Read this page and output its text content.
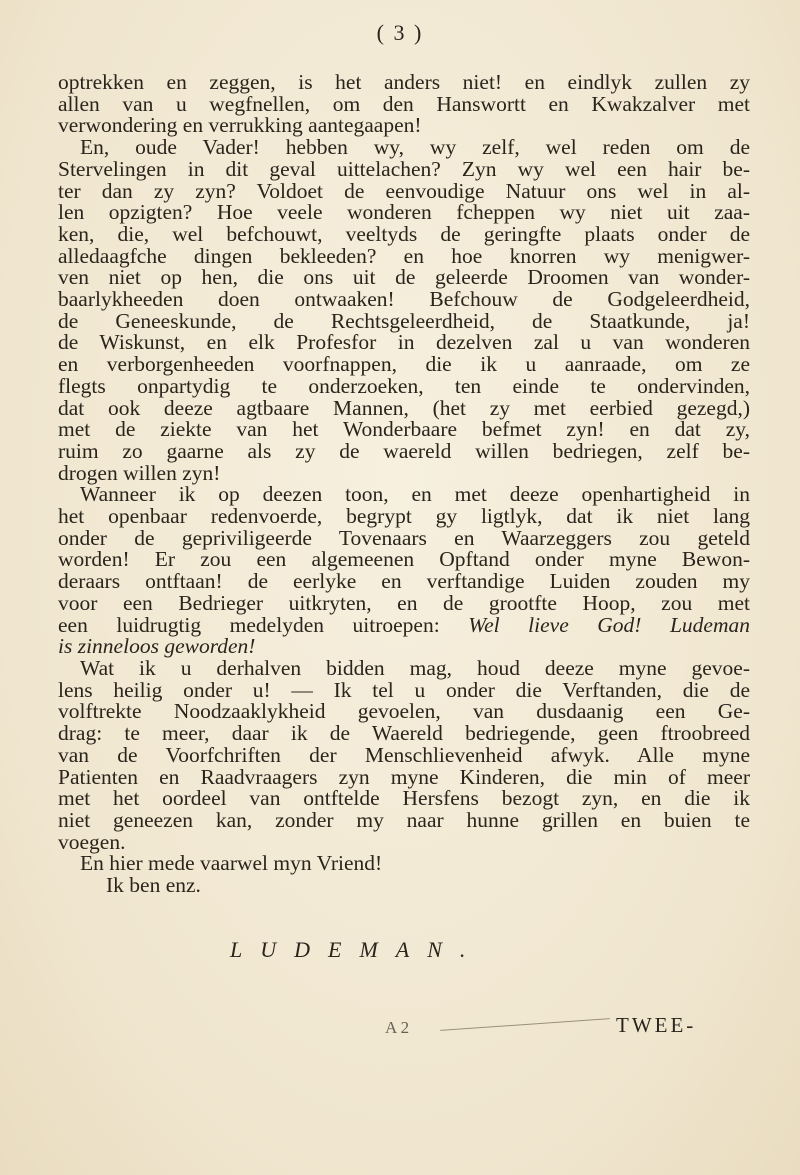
( 3 )
optrekken en zeggen, is het anders niet! en eindlyk zullen zy
allen van u wegfnellen, om den Hanswortt en Kwakzalver met
verwondering en verrukking aantegaapen!
En, oude Vader! hebben wy, wy zelf, wel reden om de
Stervelingen in dit geval uittelachen? Zyn wy wel een hair be-
ter dan zy zyn? Voldoet de eenvoudige Natuur ons wel in al-
len opzigten? Hoe veele wonderen fcheppen wy niet uit zaa-
ken, die, wel befchouwt, veeltyds de geringfte plaats onder de
alledaagfche dingen bekleeden? en hoe knorren wy menigwer-
ven niet op hen, die ons uit de geleerde Droomen van wonder-
baarlykheeden doen ontwaaken! Befchouw de Godgeleerdheid,
de Geneeskunde, de Rechtsgeleerdheid, de Staatkunde, ja!
de Wiskunst, en elk Profesfor in dezelven zal u van wonderen
en verborgenheeden voorfnappen, die ik u aanraade, om ze
flegts onpartydig te onderzoeken, ten einde te ondervinden,
dat ook deeze agtbaare Mannen, (het zy met eerbied gezegd,)
met de ziekte van het Wonderbaare befmet zyn! en dat zy,
ruim zo gaarne als zy de waereld willen bedriegen, zelf be-
drogen willen zyn!
Wanneer ik op deezen toon, en met deeze openhartigheid in
het openbaar redenvoerde, begrypt gy ligtlyk, dat ik niet lang
onder de gepriviligeerde Tovenaars en Waarzeggers zou geteld
worden! Er zou een algemeenen Opftand onder myne Bewon-
deraars ontftaan! de eerlyke en verftandige Luiden zouden my
voor een Bedrieger uitkryten, en de grootfte Hoop, zou met
een luidrugtig medelyden uitroepen: Wel lieve God! Ludeman
is zinneloos geworden!
Wat ik u derhalven bidden mag, houd deeze myne gevoe-
lens heilig onder u! — Ik tel u onder die Verftanden, die de
volftrekte Noodzaaklykheid gevoelen, van dusdaanig een Ge-
drag: te meer, daar ik de Waereld bedriegende, geen ftroobreed
van de Voorfchriften der Menschlievenheid afwyk. Alle myne
Patienten en Raadvraagers zyn myne Kinderen, die min of meer
met het oordeel van ontftelde Hersfens bezogt zyn, en die ik
niet geneezen kan, zonder my naar hunne grillen en buien te
voegen.
En hier mede vaarwel myn Vriend!
Ik ben enz.
LUDEMAN.
A 2	TWEE-
